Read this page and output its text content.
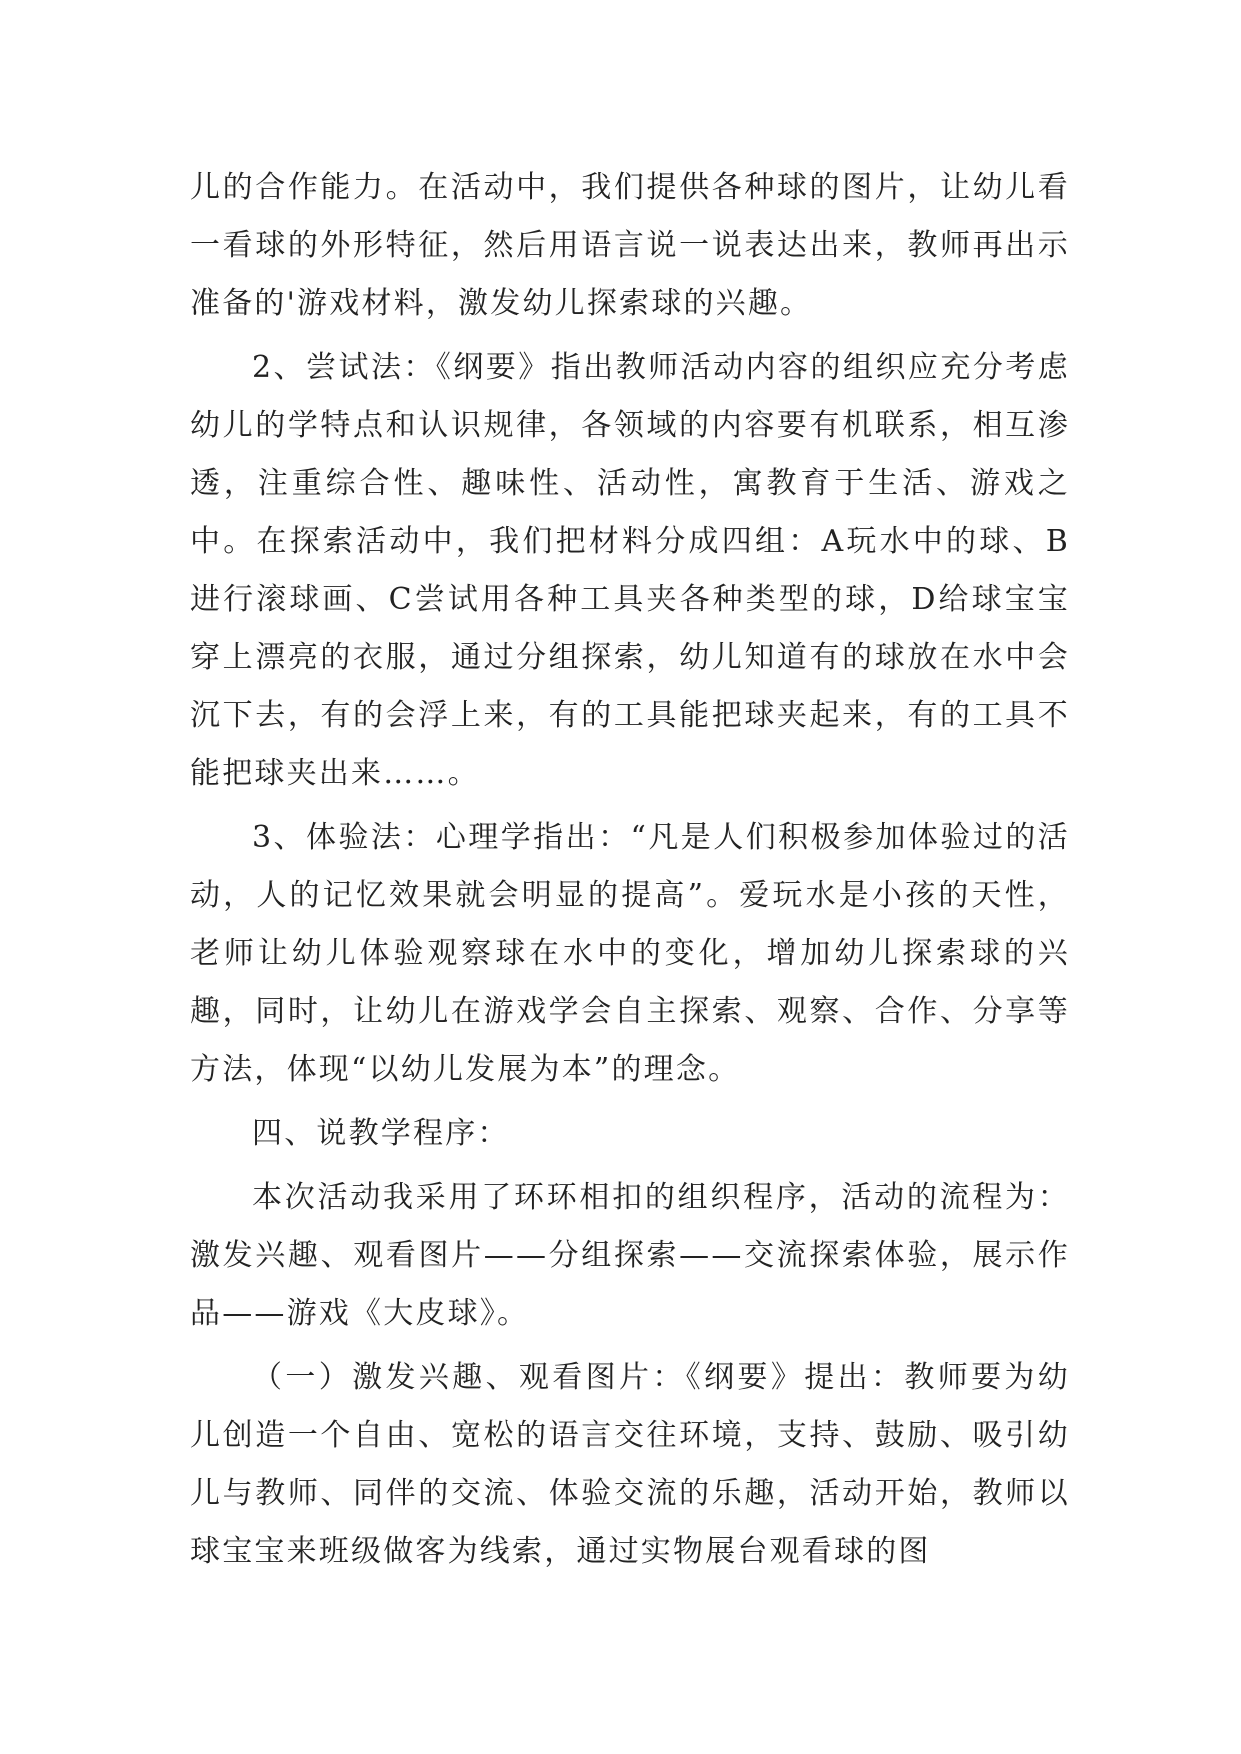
儿的合作能力。在活动中，我们提供各种球的图片，让幼儿看一看球的外形特征，然后用语言说一说表达出来，教师再出示准备的'游戏材料，激发幼儿探索球的兴趣。

2、尝试法：《纲要》指出教师活动内容的组织应充分考虑幼儿的学特点和认识规律，各领域的内容要有机联系，相互渗透，注重综合性、趣味性、活动性，寓教育于生活、游戏之中。在探索活动中，我们把材料分成四组：A玩水中的球、B进行滚球画、C尝试用各种工具夹各种类型的球，D给球宝宝穿上漂亮的衣服，通过分组探索，幼儿知道有的球放在水中会沉下去，有的会浮上来，有的工具能把球夹起来，有的工具不能把球夹出来……。

3、体验法：心理学指出：“凡是人们积极参加体验过的活动，人的记忆效果就会明显的提高”。爱玩水是小孩的天性，老师让幼儿体验观察球在水中的变化，增加幼儿探索球的兴趣，同时，让幼儿在游戏学会自主探索、观察、合作、分享等方法，体现“以幼儿发展为本”的理念。

四、说教学程序：

本次活动我采用了环环相扣的组织程序，活动的流程为：激发兴趣、观看图片——分组探索——交流探索体验，展示作品——游戏《大皮球》。

（一）激发兴趣、观看图片：《纲要》提出：教师要为幼儿创造一个自由、宽松的语言交往环境，支持、鼓励、吸引幼儿与教师、同伴的交流、体验交流的乐趣，活动开始，教师以球宝宝来班级做客为线索，通过实物展台观看球的图
